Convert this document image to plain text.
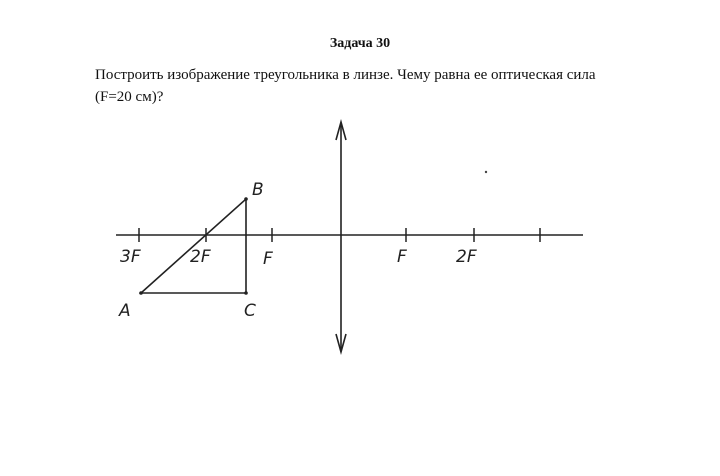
Задача 30
Построить изображение треугольника в линзе. Чему равна ее оптическая сила (F=20 см)?
3F	2F	F	F	2F
B
A	C
